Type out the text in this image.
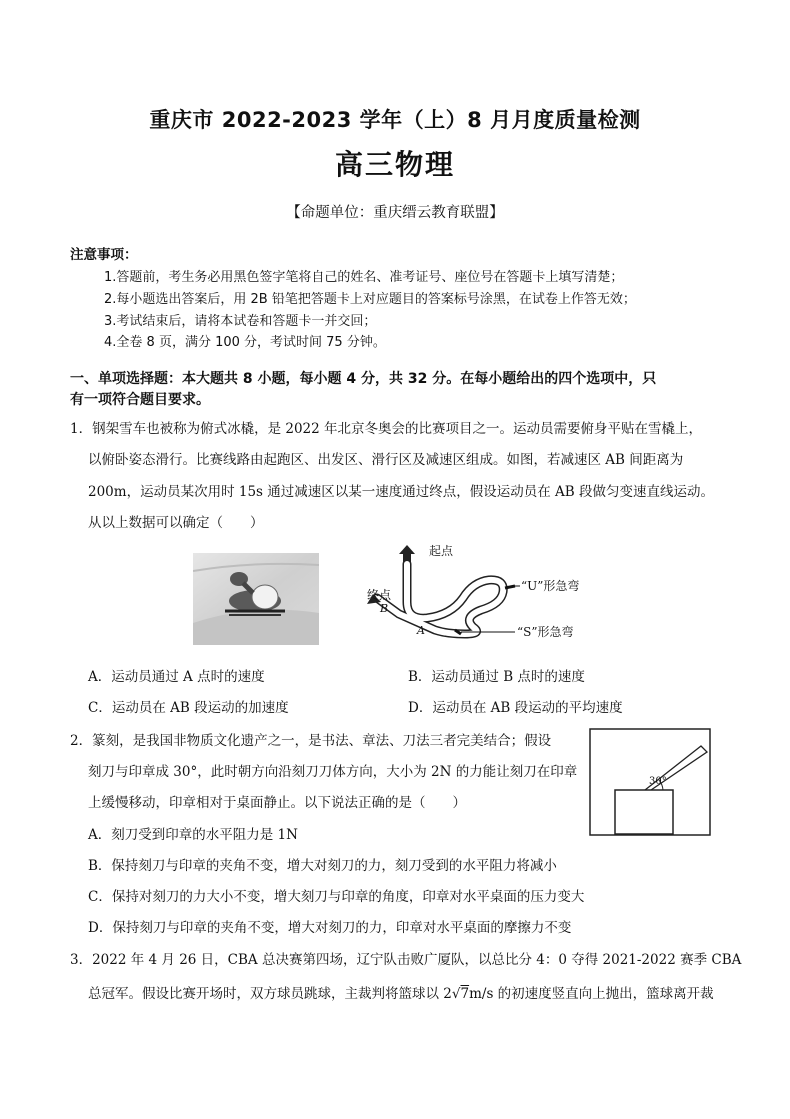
重庆市 2022-2023 学年（上）8 月月度质量检测
高三物理
【命题单位：重庆缙云教育联盟】
注意事项：
1.答题前，考生务必用黑色签字笔将自己的姓名、准考证号、座位号在答题卡上填写清楚；
2.每小题选出答案后，用 2B 铅笔把答题卡上对应题目的答案标号涂黑，在试卷上作答无效；
3.考试结束后，请将本试卷和答题卡一并交回；
4.全卷 8 页，满分 100 分，考试时间 75 分钟。
一、单项选择题：本大题共 8 小题，每小题 4 分，共 32 分。在每小题给出的四个选项中，只
有一项符合题目要求。
1．钢架雪车也被称为俯式冰橇，是 2022 年北京冬奥会的比赛项目之一。运动员需要俯身平贴在雪橇上，
以俯卧姿态滑行。比赛线路由起跑区、出发区、滑行区及减速区组成。如图，若减速区 AB 间距离为
200m，运动员某次用时 15s 通过减速区以某一速度通过终点，假设运动员在 AB 段做匀变速直线运动。
从以上数据可以确定（　　）
起点
终点
B
A
“U”形急弯
“S”形急弯
A．运动员通过 A 点时的速度	B．运动员通过 B 点时的速度
C．运动员在 AB 段运动的加速度	D．运动员在 AB 段运动的平均速度
2．篆刻，是我国非物质文化遗产之一，是书法、章法、刀法三者完美结合；假设
刻刀与印章成 30°，此时朝方向沿刻刀刀体方向，大小为 2N 的力能让刻刀在印章
上缓慢移动，印章相对于桌面静止。以下说法正确的是（　　）
30°
A．刻刀受到印章的水平阻力是 1N
B．保持刻刀与印章的夹角不变，增大对刻刀的力，刻刀受到的水平阻力将减小
C．保持对刻刀的力大小不变，增大刻刀与印章的角度，印章对水平桌面的压力变大
D．保持刻刀与印章的夹角不变，增大对刻刀的力，印章对水平桌面的摩擦力不变
3．2022 年 4 月 26 日，CBA 总决赛第四场，辽宁队击败广厦队，以总比分 4：0 夺得 2021-2022 赛季 CBA
总冠军。假设比赛开场时，双方球员跳球，主裁判将篮球以 2√7m/s 的初速度竖直向上抛出，篮球离开裁
